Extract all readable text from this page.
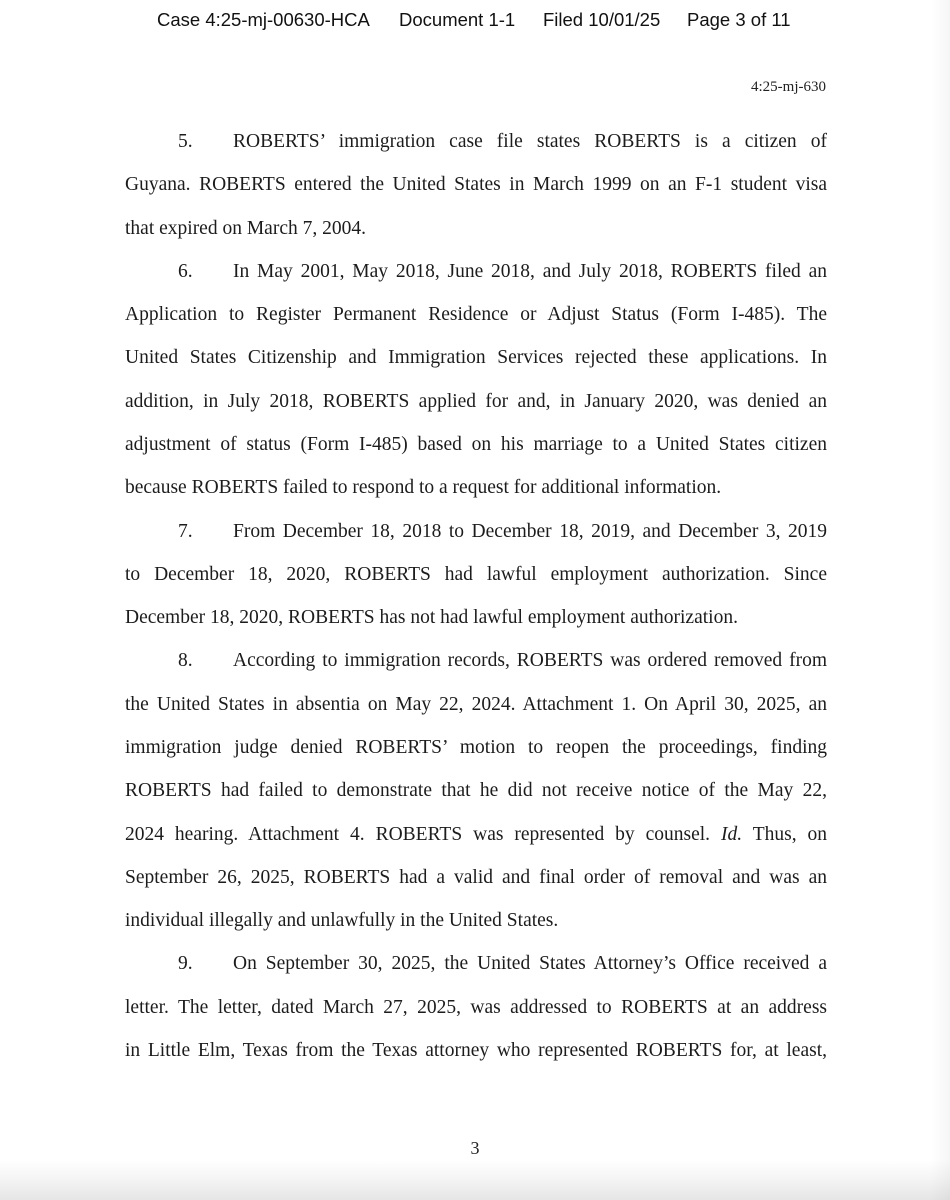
Case 4:25-mj-00630-HCA Document 1-1 Filed 10/01/25 Page 3 of 11
4:25-mj-630
5. ROBERTS’ immigration case file states ROBERTS is a citizen of
Guyana. ROBERTS entered the United States in March 1999 on an F-1 student visa
that expired on March 7, 2004.
6. In May 2001, May 2018, June 2018, and July 2018, ROBERTS filed an
Application to Register Permanent Residence or Adjust Status (Form I-485). The
United States Citizenship and Immigration Services rejected these applications. In
addition, in July 2018, ROBERTS applied for and, in January 2020, was denied an
adjustment of status (Form I-485) based on his marriage to a United States citizen
because ROBERTS failed to respond to a request for additional information.
7. From December 18, 2018 to December 18, 2019, and December 3, 2019
to December 18, 2020, ROBERTS had lawful employment authorization. Since
December 18, 2020, ROBERTS has not had lawful employment authorization.
8. According to immigration records, ROBERTS was ordered removed from
the United States in absentia on May 22, 2024. Attachment 1. On April 30, 2025, an
immigration judge denied ROBERTS’ motion to reopen the proceedings, finding
ROBERTS had failed to demonstrate that he did not receive notice of the May 22,
2024 hearing. Attachment 4. ROBERTS was represented by counsel. Id. Thus, on
September 26, 2025, ROBERTS had a valid and final order of removal and was an
individual illegally and unlawfully in the United States.
9. On September 30, 2025, the United States Attorney’s Office received a
letter. The letter, dated March 27, 2025, was addressed to ROBERTS at an address
in Little Elm, Texas from the Texas attorney who represented ROBERTS for, at least,
3
